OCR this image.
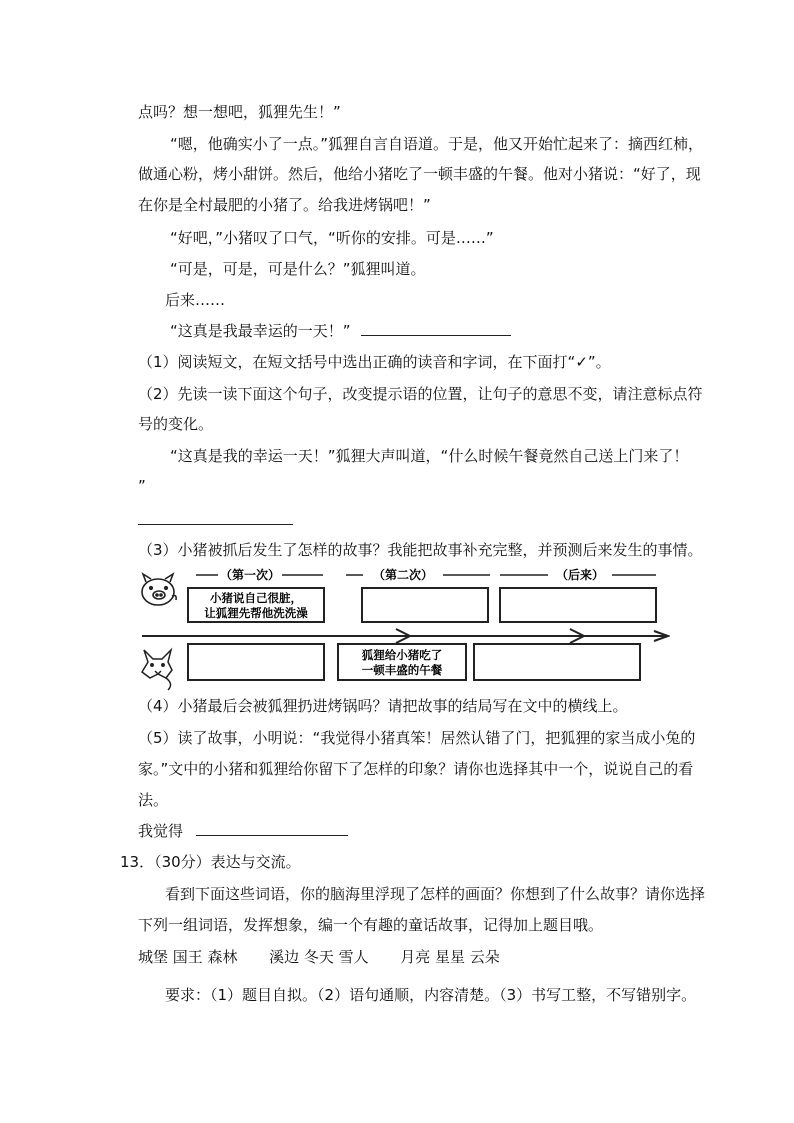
点吗？想一想吧，狐狸先生！”
“嗯，他确实小了一点。”狐狸自言自语道。于是，他又开始忙起来了：摘西红柿，
做通心粉，烤小甜饼。然后，他给小猪吃了一顿丰盛的午餐。他对小猪说：“好了，现
在你是全村最肥的小猪了。给我进烤锅吧！”
“好吧，”小猪叹了口气，“听你的安排。可是……”
“可是，可是，可是什么？”狐狸叫道。
后来……
“这真是我最幸运的一天！”
（1）阅读短文，在短文括号中选出正确的读音和字词，在下面打“✓”。
（2）先读一读下面这个句子，改变提示语的位置，让句子的意思不变，请注意标点符
号的变化。
“这真是我的幸运一天！”狐狸大声叫道，“什么时候午餐竟然自己送上门来了！
”
（3）小猪被抓后发生了怎样的故事？我能把故事补充完整，并预测后来发生的事情。
（第一次）	（第二次）	（后来）
小猪说自己很脏，
让狐狸先帮他洗洗澡
狐狸给小猪吃了
一顿丰盛的午餐
（4）小猪最后会被狐狸扔进烤锅吗？请把故事的结局写在文中的横线上。
（5）读了故事，小明说：“我觉得小猪真笨！居然认错了门，把狐狸的家当成小兔的
家。”文中的小猪和狐狸给你留下了怎样的印象？请你也选择其中一个，说说自己的看
法。
我觉得
13．（30分）表达与交流。
看到下面这些词语，你的脑海里浮现了怎样的画面？你想到了什么故事？请你选择
下列一组词语，发挥想象，编一个有趣的童话故事，记得加上题目哦。
城堡 国王 森林 溪边 冬天 雪人 月亮 星星 云朵
要求：（1）题目自拟。（2）语句通顺，内容清楚。（3）书写工整，不写错别字。
